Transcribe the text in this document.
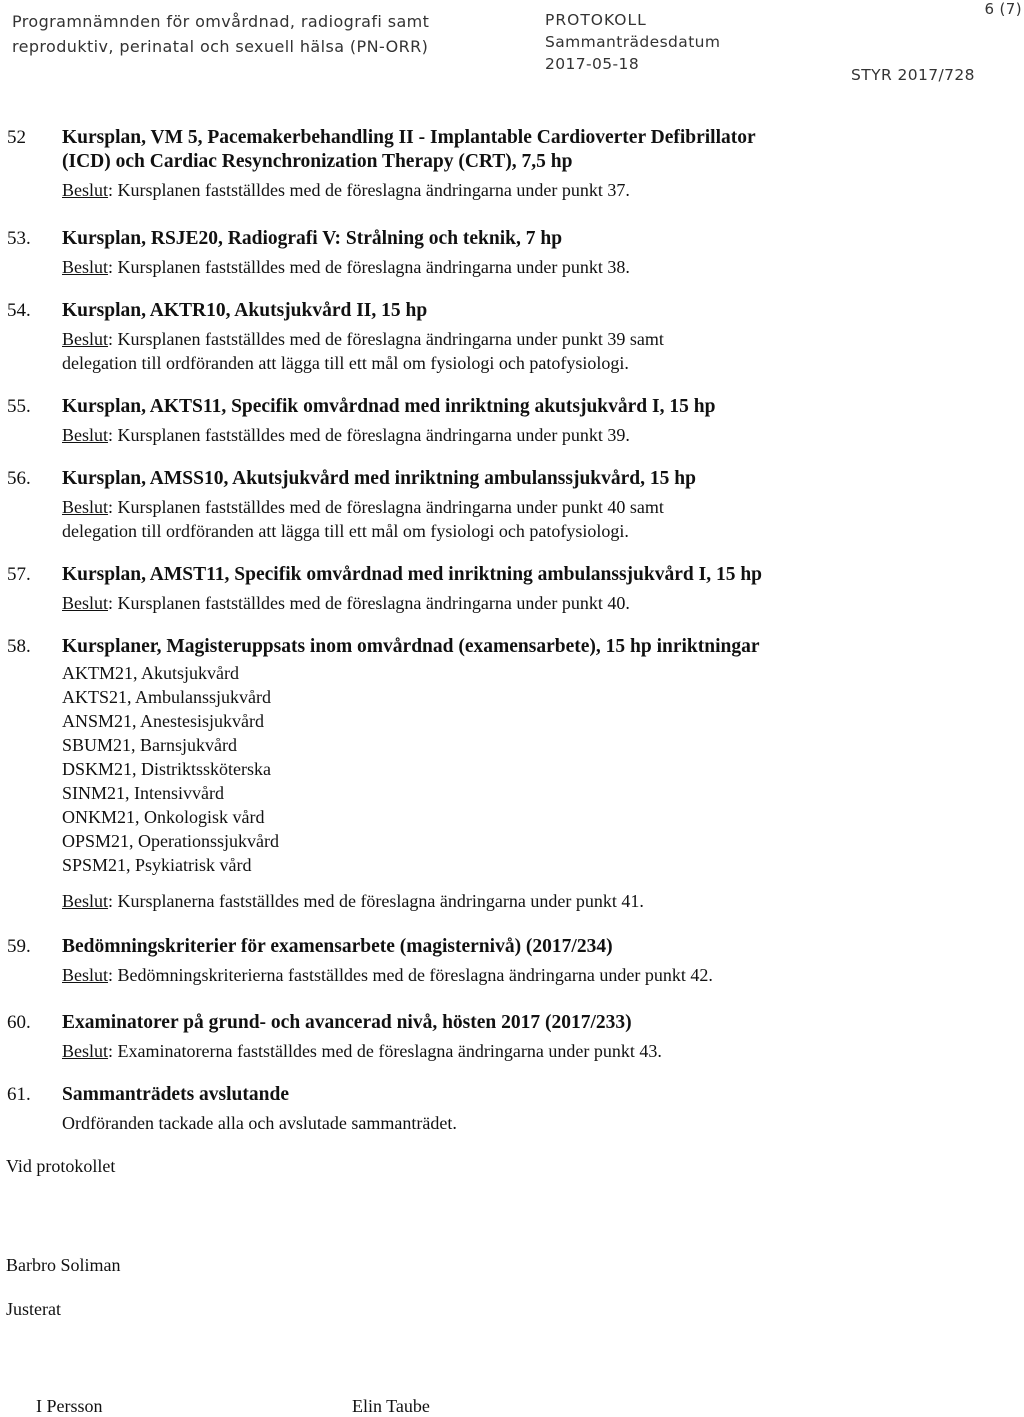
Programnämnden för omvårdnad, radiografi samt
reproduktiv, perinatal och sexuell hälsa (PN-ORR)
PROTOKOLL
Sammanträdesdatum
2017-05-18
STYR 2017/728
6 (7)
52 Kursplan, VM 5, Pacemakerbehandling II - Implantable Cardioverter Defibrillator
(ICD) och Cardiac Resynchronization Therapy (CRT), 7,5 hp
Beslut: Kursplanen fastställdes med de föreslagna ändringarna under punkt 37.
53. Kursplan, RSJE20, Radiografi V: Strålning och teknik, 7 hp
Beslut: Kursplanen fastställdes med de föreslagna ändringarna under punkt 38.
54. Kursplan, AKTR10, Akutsjukvård II, 15 hp
Beslut: Kursplanen fastställdes med de föreslagna ändringarna under punkt 39 samt
delegation till ordföranden att lägga till ett mål om fysiologi och patofysiologi.
55. Kursplan, AKTS11, Specifik omvårdnad med inriktning akutsjukvård I, 15 hp
Beslut: Kursplanen fastställdes med de föreslagna ändringarna under punkt 39.
56. Kursplan, AMSS10, Akutsjukvård med inriktning ambulanssjukvård, 15 hp
Beslut: Kursplanen fastställdes med de föreslagna ändringarna under punkt 40 samt
delegation till ordföranden att lägga till ett mål om fysiologi och patofysiologi.
57. Kursplan, AMST11, Specifik omvårdnad med inriktning ambulanssjukvård I, 15 hp
Beslut: Kursplanen fastställdes med de föreslagna ändringarna under punkt 40.
58. Kursplaner, Magisteruppsats inom omvårdnad (examensarbete), 15 hp inriktningar
AKTM21, Akutsjukvård
AKTS21, Ambulanssjukvård
ANSM21, Anestesisjukvård
SBUM21, Barnsjukvård
DSKM21, Distriktssköterska
SINM21, Intensivvård
ONKM21, Onkologisk vård
OPSM21, Operationssjukvård
SPSM21, Psykiatrisk vård
Beslut: Kursplanerna fastställdes med de föreslagna ändringarna under punkt 41.
59. Bedömningskriterier för examensarbete (magisternivå) (2017/234)
Beslut: Bedömningskriterierna fastställdes med de föreslagna ändringarna under punkt 42.
60. Examinatorer på grund- och avancerad nivå, hösten 2017 (2017/233)
Beslut: Examinatorerna fastställdes med de föreslagna ändringarna under punkt 43.
61. Sammanträdets avslutande
Ordföranden tackade alla och avslutade sammanträdet.
Vid protokollet
Barbro Soliman
Justerat
I Persson	Elin Taube
